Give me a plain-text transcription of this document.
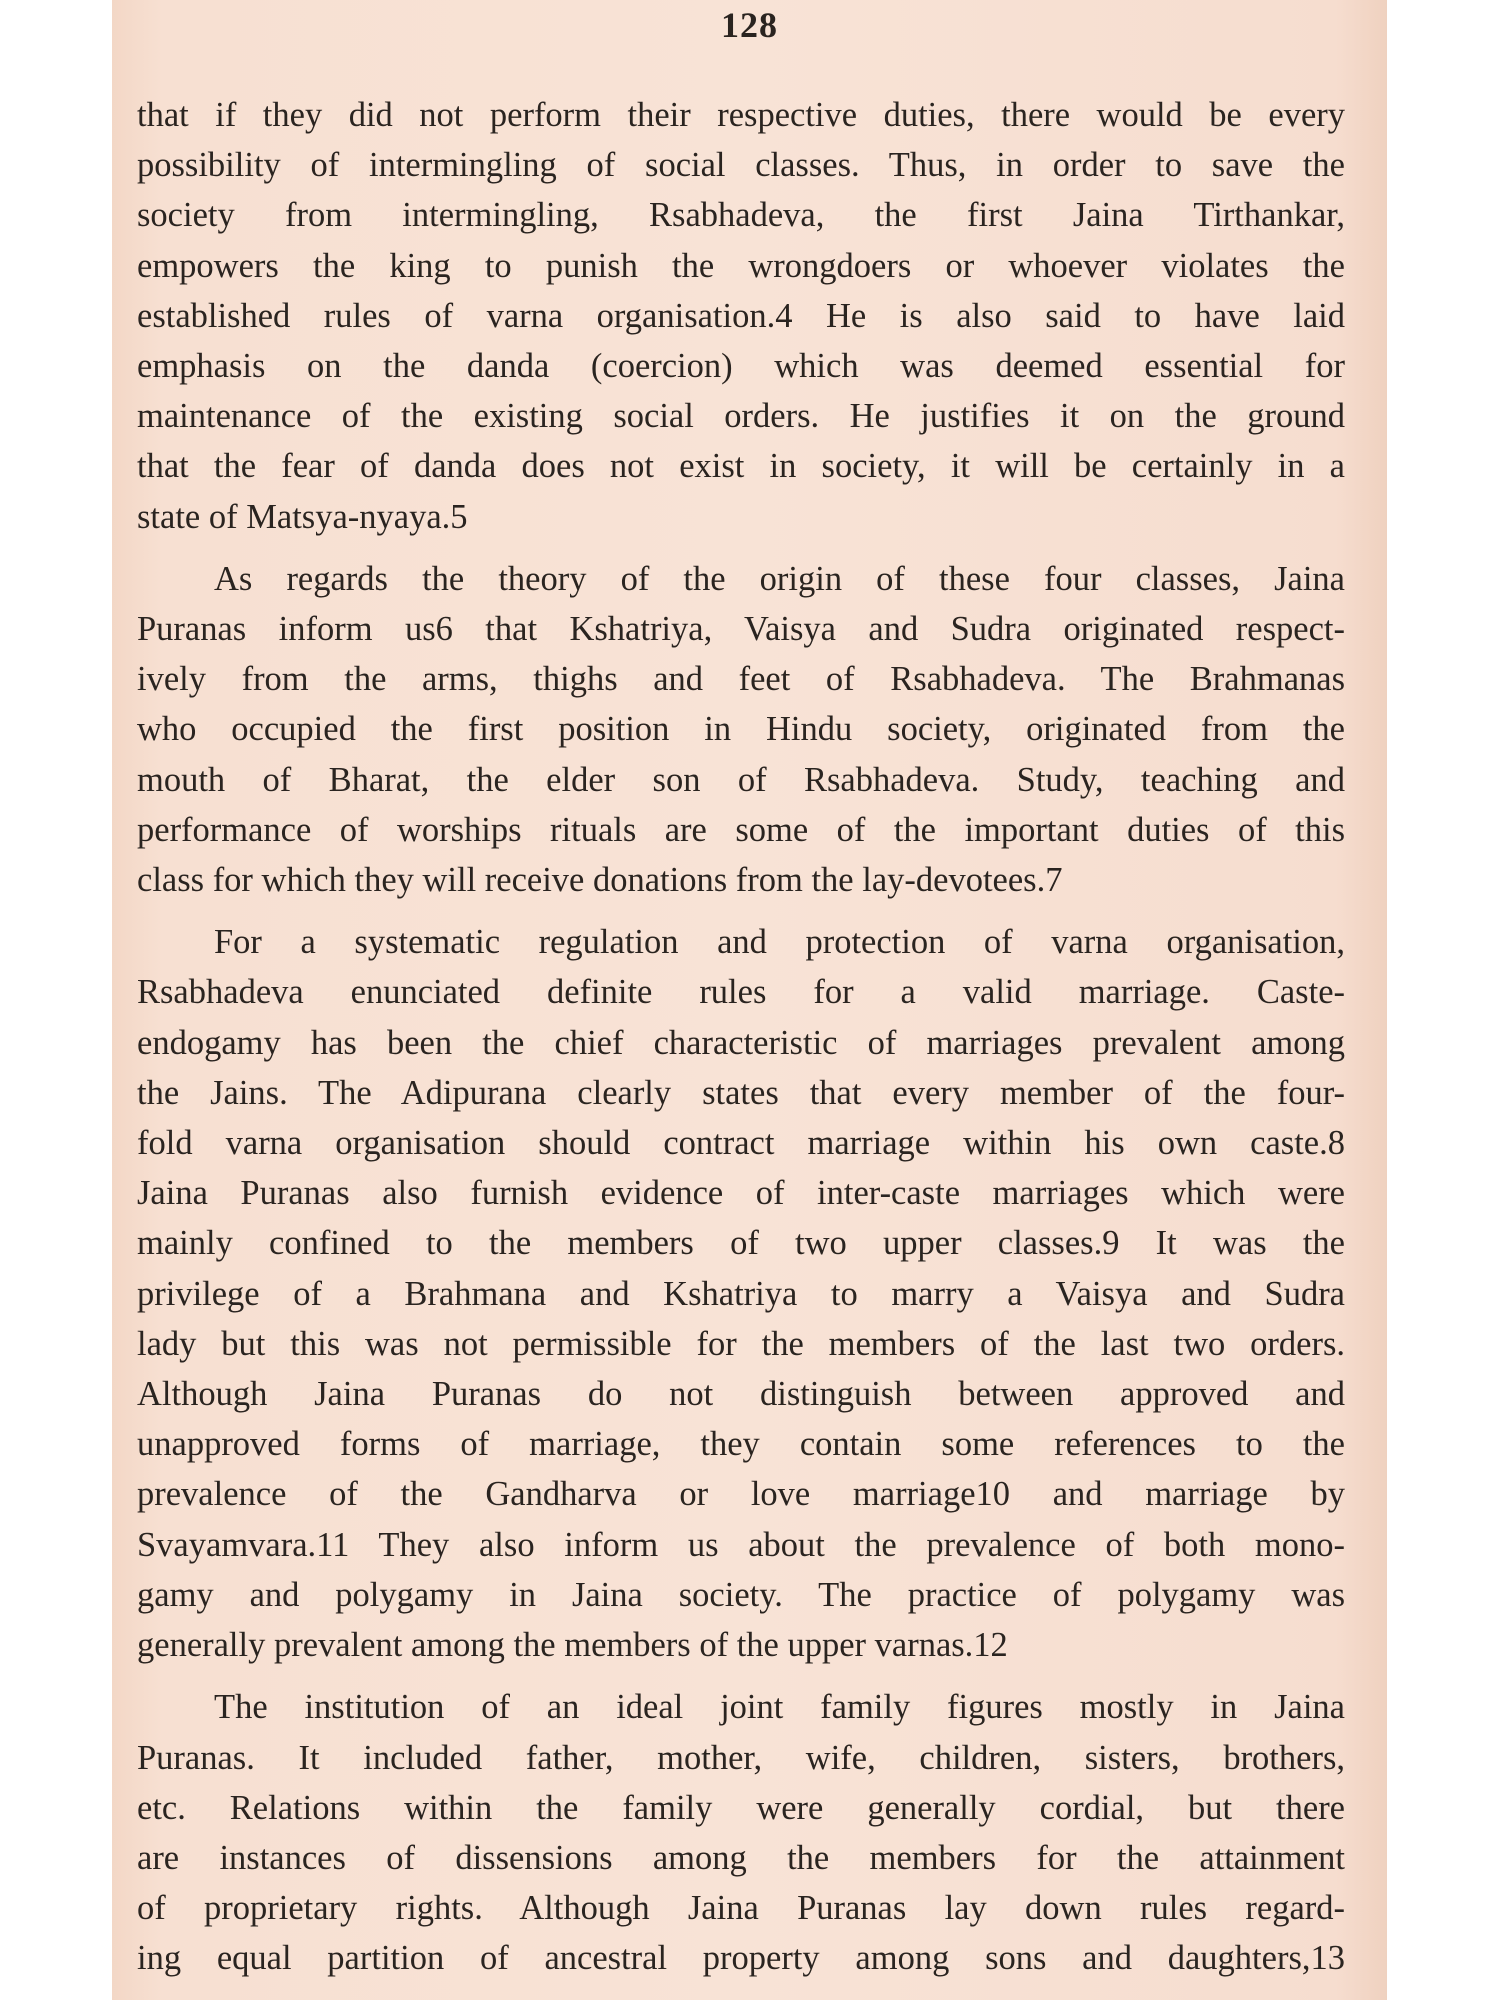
128

that if they did not perform their respective duties, there would be every
possibility of intermingling of social classes. Thus, in order to save the
society from intermingling, Rsabhadeva, the first Jaina Tirthankar,
empowers the king to punish the wrongdoers or whoever violates the
established rules of varna organisation.4 He is also said to have laid
emphasis on the danda (coercion) which was deemed essential for
maintenance of the existing social orders. He justifies it on the ground
that the fear of danda does not exist in society, it will be certainly in a
state of Matsya-nyaya.5
As regards the theory of the origin of these four classes, Jaina
Puranas inform us6 that Kshatriya, Vaisya and Sudra originated respect-
ively from the arms, thighs and feet of Rsabhadeva. The Brahmanas
who occupied the first position in Hindu society, originated from the
mouth of Bharat, the elder son of Rsabhadeva. Study, teaching and
performance of worships rituals are some of the important duties of this
class for which they will receive donations from the lay-devotees.7
For a systematic regulation and protection of varna organisation,
Rsabhadeva enunciated definite rules for a valid marriage. Caste-
endogamy has been the chief characteristic of marriages prevalent among
the Jains. The Adipurana clearly states that every member of the four-
fold varna organisation should contract marriage within his own caste.8
Jaina Puranas also furnish evidence of inter-caste marriages which were
mainly confined to the members of two upper classes.9 It was the
privilege of a Brahmana and Kshatriya to marry a Vaisya and Sudra
lady but this was not permissible for the members of the last two orders.
Although Jaina Puranas do not distinguish between approved and
unapproved forms of marriage, they contain some references to the
prevalence of the Gandharva or love marriage10 and marriage by
Svayamvara.11 They also inform us about the prevalence of both mono-
gamy and polygamy in Jaina society. The practice of polygamy was
generally prevalent among the members of the upper varnas.12
The institution of an ideal joint family figures mostly in Jaina
Puranas. It included father, mother, wife, children, sisters, brothers,
etc. Relations within the family were generally cordial, but there
are instances of dissensions among the members for the attainment
of proprietary rights. Although Jaina Puranas lay down rules regard-
ing equal partition of ancestral property among sons and daughters,13
